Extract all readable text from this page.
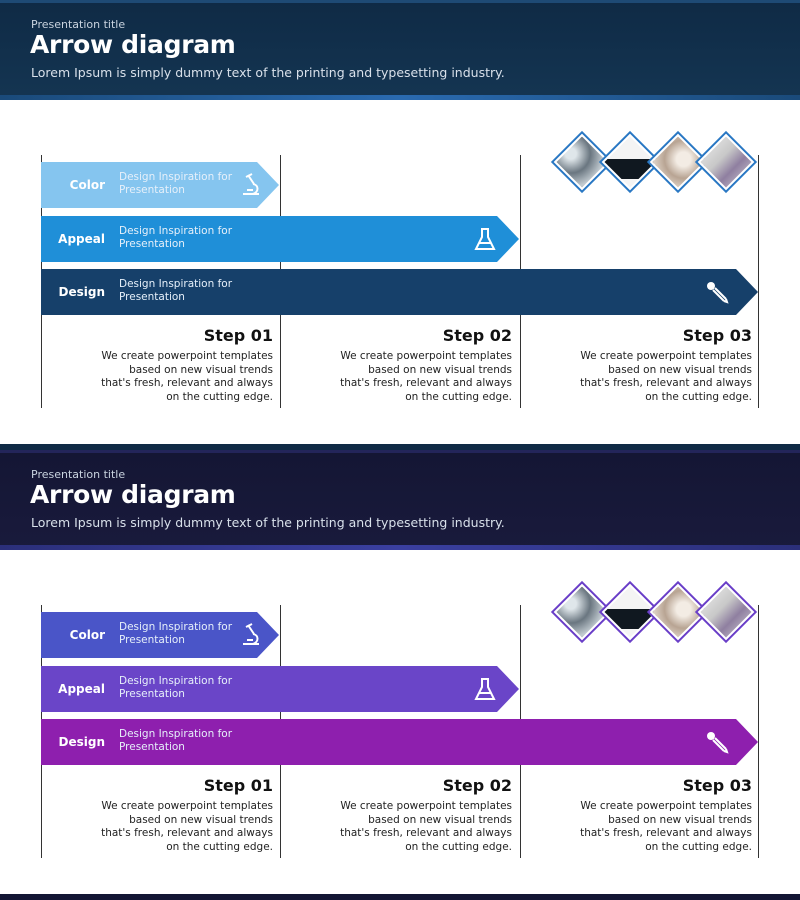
Presentation title
Arrow diagram
Lorem Ipsum is simply dummy text of the printing and typesetting industry.
Color
Design Inspiration for Presentation
Appeal
Design Inspiration for Presentation
Design
Design Inspiration for Presentation
Step 01
We create powerpoint templates based on new visual trends that's fresh, relevant and always on the cutting edge.
Step 02
We create powerpoint templates based on new visual trends that's fresh, relevant and always on the cutting edge.
Step 03
We create powerpoint templates based on new visual trends that's fresh, relevant and always on the cutting edge.
Presentation title
Arrow diagram
Lorem Ipsum is simply dummy text of the printing and typesetting industry.
Color
Design Inspiration for Presentation
Appeal
Design Inspiration for Presentation
Design
Design Inspiration for Presentation
Step 01
We create powerpoint templates based on new visual trends that's fresh, relevant and always on the cutting edge.
Step 02
We create powerpoint templates based on new visual trends that's fresh, relevant and always on the cutting edge.
Step 03
We create powerpoint templates based on new visual trends that's fresh, relevant and always on the cutting edge.
